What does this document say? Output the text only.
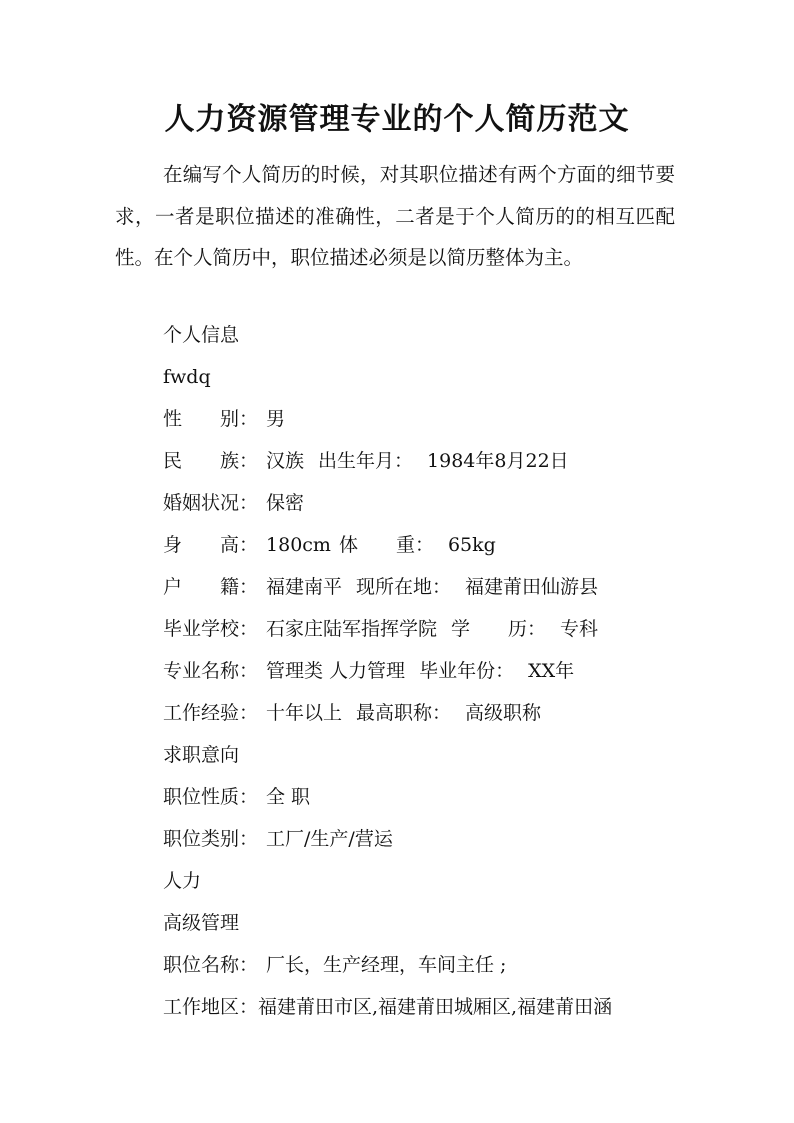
人力资源管理专业的个人简历范文

在编写个人简历的时候，对其职位描述有两个方面的细节要求，一者是职位描述的准确性，二者是于个人简历的的相互匹配性。在个人简历中，职位描述必须是以简历整体为主。

个人信息
fwdq
性　　别： 男
民　　族： 汉族 出生年月： 1984年8月22日
婚姻状况： 保密
身　　高： 180cm 体　　重： 65kg
户　　籍： 福建南平 现所在地： 福建莆田仙游县
毕业学校： 石家庄陆军指挥学院 学　　历： 专科
专业名称： 管理类 人力管理 毕业年份： XX年
工作经验： 十年以上 最高职称： 高级职称
求职意向
职位性质： 全 职
职位类别： 工厂/生产/营运
人力
高级管理
职位名称： 厂长，生产经理，车间主任 ;
工作地区：福建莆田市区,福建莆田城厢区,福建莆田涵
